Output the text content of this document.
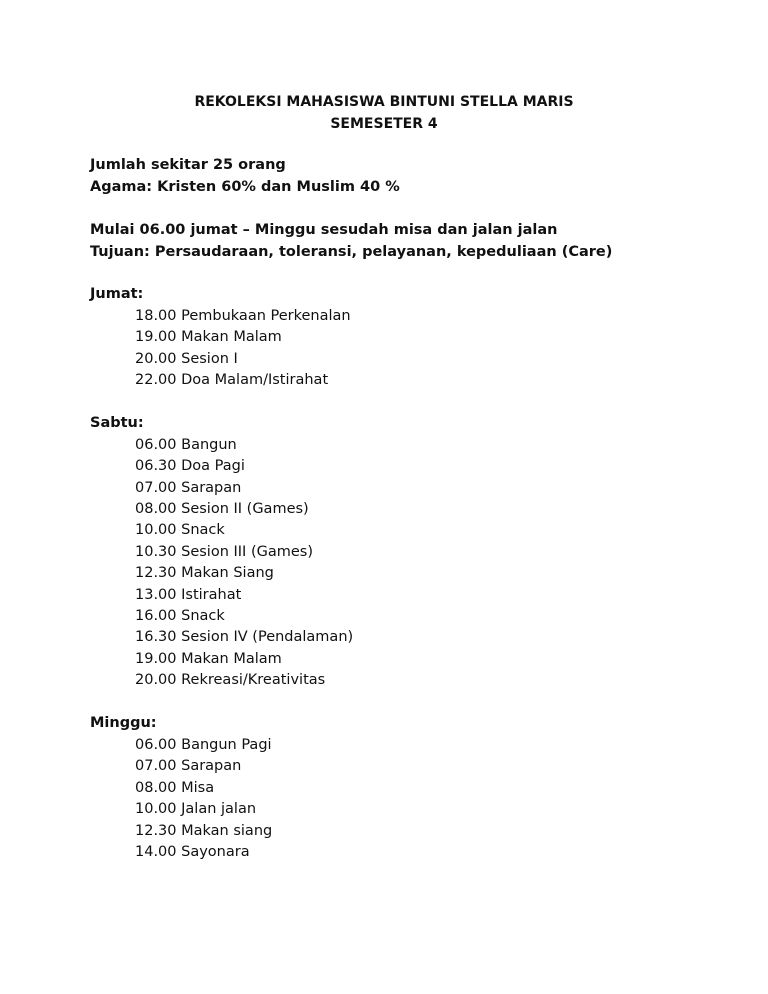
REKOLEKSI MAHASISWA BINTUNI STELLA MARIS
SEMESETER 4
Jumlah sekitar 25 orang
Agama: Kristen 60% dan Muslim 40 %
Mulai 06.00 jumat – Minggu sesudah misa dan jalan jalan
Tujuan: Persaudaraan, toleransi, pelayanan, kepeduliaan (Care)
Jumat:
18.00 Pembukaan Perkenalan
19.00 Makan Malam
20.00 Sesion I
22.00 Doa Malam/Istirahat
Sabtu:
06.00 Bangun
06.30 Doa Pagi
07.00 Sarapan
08.00 Sesion II (Games)
10.00 Snack
10.30 Sesion III (Games)
12.30 Makan Siang
13.00 Istirahat
16.00 Snack
16.30 Sesion IV (Pendalaman)
19.00 Makan Malam
20.00 Rekreasi/Kreativitas
Minggu:
06.00 Bangun Pagi
07.00 Sarapan
08.00 Misa
10.00 Jalan jalan
12.30 Makan siang
14.00 Sayonara
